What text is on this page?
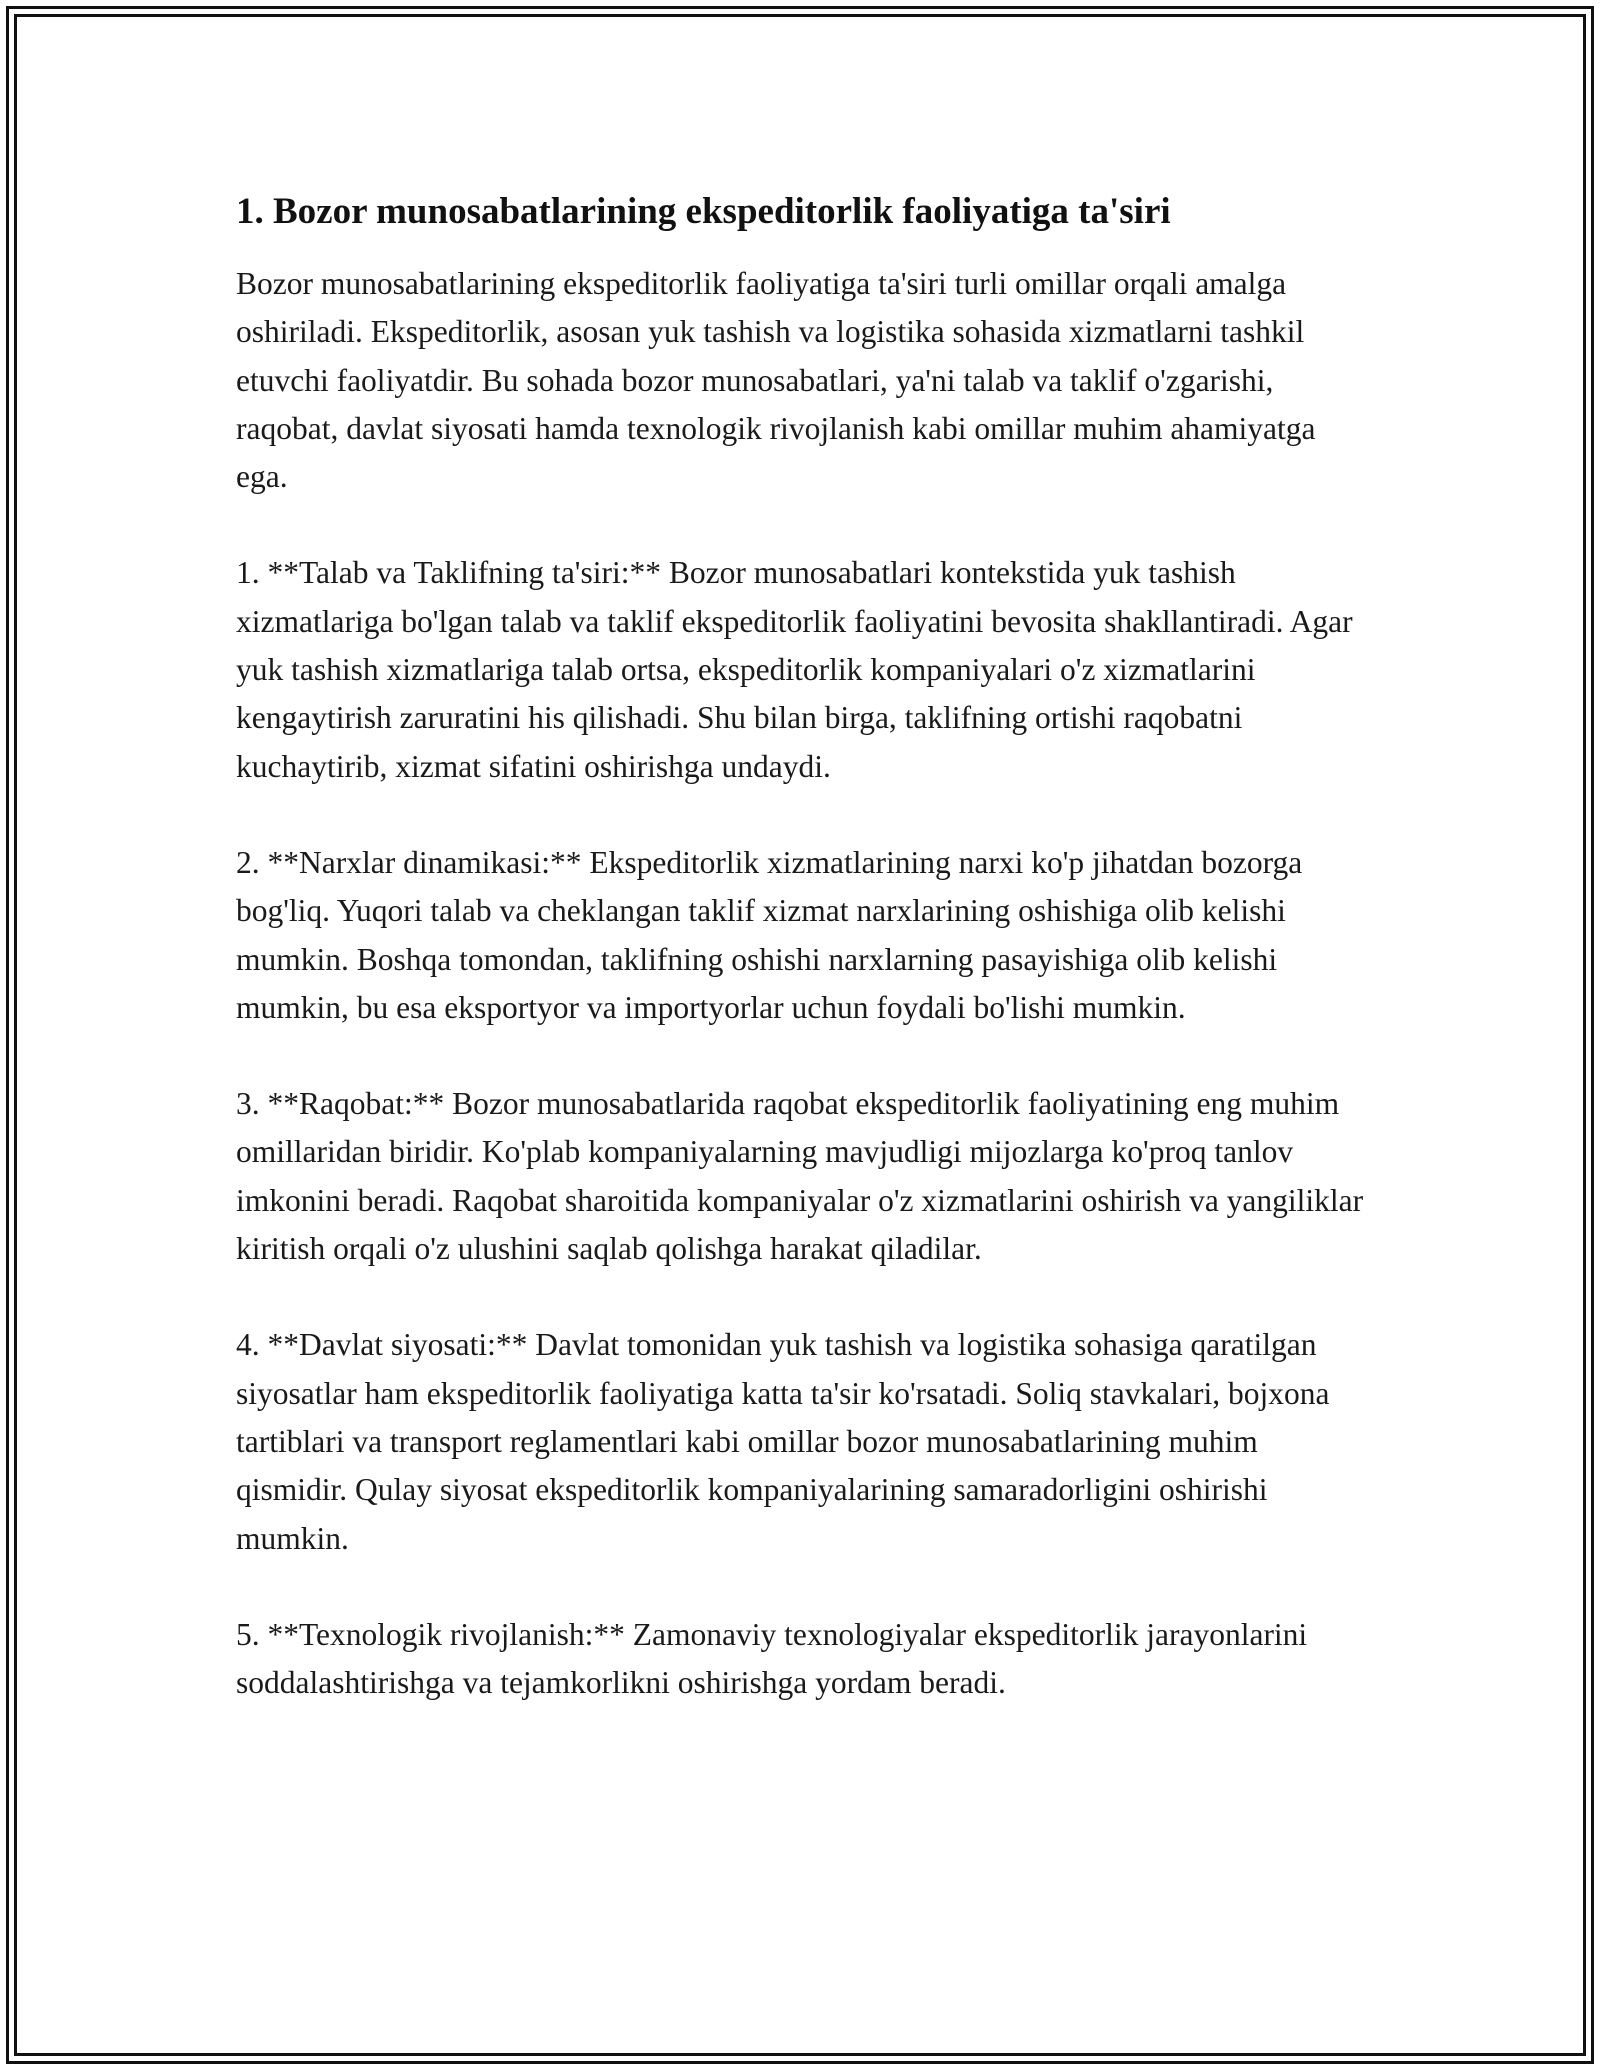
1. Bozor munosabatlarining ekspeditorlik faoliyatiga ta'siri

Bozor munosabatlarining ekspeditorlik faoliyatiga ta'siri turli omillar orqali amalga oshiriladi. Ekspeditorlik, asosan yuk tashish va logistika sohasida xizmatlarni tashkil etuvchi faoliyatdir. Bu sohada bozor munosabatlari, ya'ni talab va taklif o'zgarishi, raqobat, davlat siyosati hamda texnologik rivojlanish kabi omillar muhim ahamiyatga ega.

1. **Talab va Taklifning ta'siri:** Bozor munosabatlari kontekstida yuk tashish xizmatlariga bo'lgan talab va taklif ekspeditorlik faoliyatini bevosita shakllantiradi. Agar yuk tashish xizmatlariga talab ortsa, ekspeditorlik kompaniyalari o'z xizmatlarini kengaytirish zaruratini his qilishadi. Shu bilan birga, taklifning ortishi raqobatni kuchaytirib, xizmat sifatini oshirishga undaydi.

2. **Narxlar dinamikasi:** Ekspeditorlik xizmatlarining narxi ko'p jihatdan bozorga bog'liq. Yuqori talab va cheklangan taklif xizmat narxlarining oshishiga olib kelishi mumkin. Boshqa tomondan, taklifning oshishi narxlarning pasayishiga olib kelishi mumkin, bu esa eksportyor va importyorlar uchun foydali bo'lishi mumkin.

3. **Raqobat:** Bozor munosabatlarida raqobat ekspeditorlik faoliyatining eng muhim omillaridan biridir. Ko'plab kompaniyalarning mavjudligi mijozlarga ko'proq tanlov imkonini beradi. Raqobat sharoitida kompaniyalar o'z xizmatlarini oshirish va yangiliklar kiritish orqali o'z ulushini saqlab qolishga harakat qiladilar.

4. **Davlat siyosati:** Davlat tomonidan yuk tashish va logistika sohasiga qaratilgan siyosatlar ham ekspeditorlik faoliyatiga katta ta'sir ko'rsatadi. Soliq stavkalari, bojxona tartiblari va transport reglamentlari kabi omillar bozor munosabatlarining muhim qismidir. Qulay siyosat ekspeditorlik kompaniyalarining samaradorligini oshirishi mumkin.

5. **Texnologik rivojlanish:** Zamonaviy texnologiyalar ekspeditorlik jarayonlarini soddalashtirishga va tejamkorlikni oshirishga yordam beradi.
